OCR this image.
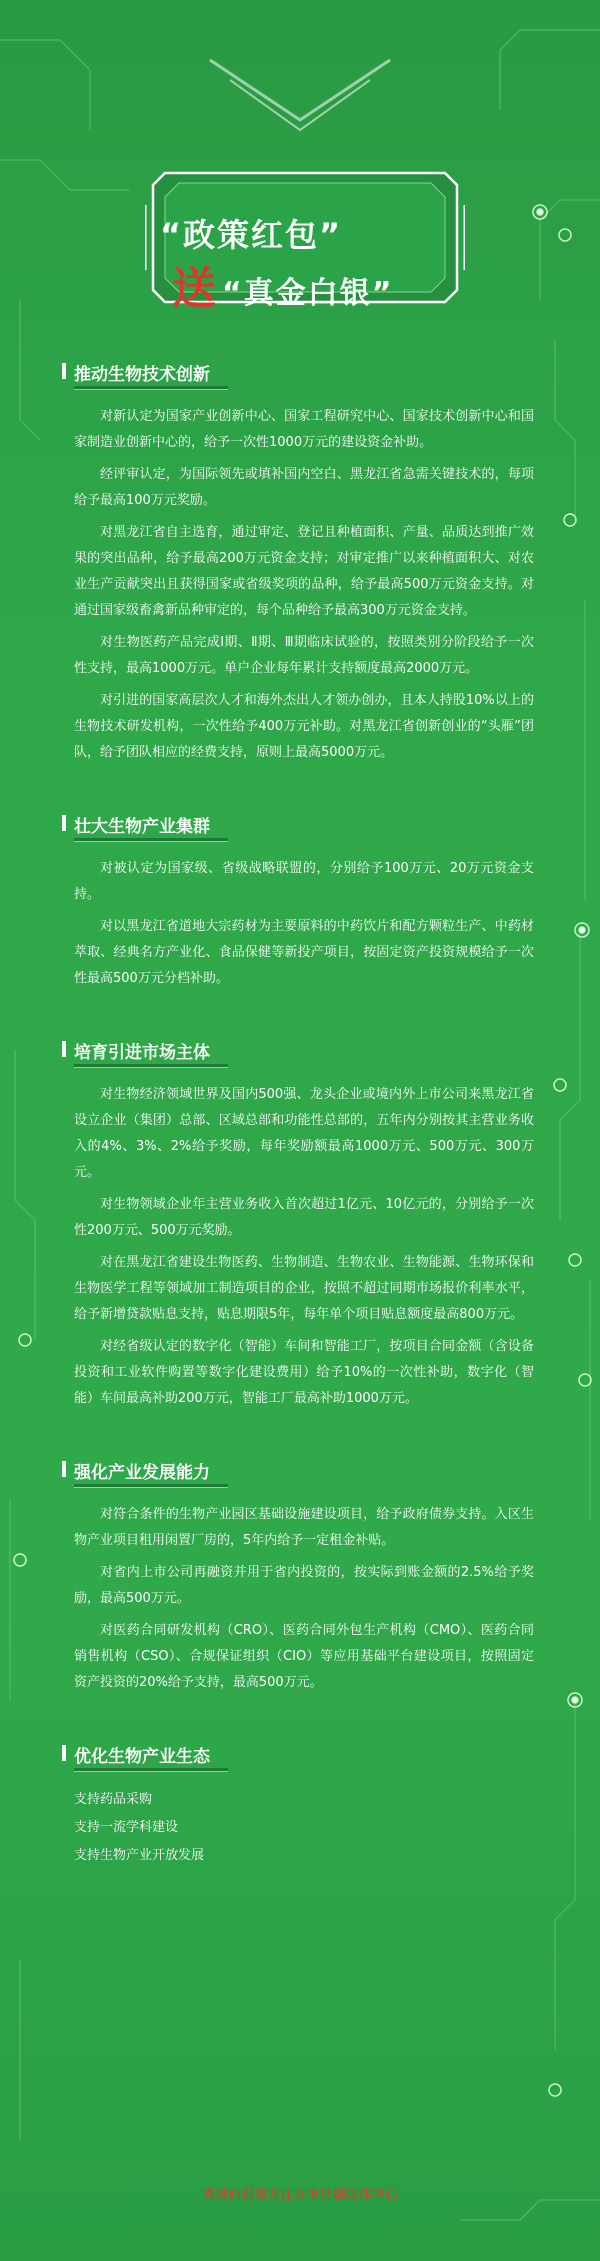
“政策红包”
送 “真金白银”
推动生物技术创新

对新认定为国家产业创新中心、国家工程研究中心、国家技术创新中心和国家制造业创新中心的，给予一次性1000万元的建设资金补助。

经评审认定，为国际领先或填补国内空白、黑龙江省急需关键技术的，每项给予最高100万元奖励。

对黑龙江省自主选育，通过审定、登记且种植面积、产量、品质达到推广效果的突出品种，给予最高200万元资金支持；对审定推广以来种植面积大、对农业生产贡献突出且获得国家或省级奖项的品种，给予最高500万元资金支持。对通过国家级畜禽新品种审定的，每个品种给予最高300万元资金支持。

对生物医药产品完成Ⅰ期、Ⅱ期、Ⅲ期临床试验的，按照类别分阶段给予一次性支持，最高1000万元。单户企业每年累计支持额度最高2000万元。

对引进的国家高层次人才和海外杰出人才领办创办，且本人持股10%以上的生物技术研发机构，一次性给予400万元补助。对黑龙江省创新创业的“头雁”团队，给予团队相应的经费支持，原则上最高5000万元。

壮大生物产业集群

对被认定为国家级、省级战略联盟的，分别给予100万元、20万元资金支持。

对以黑龙江省道地大宗药材为主要原料的中药饮片和配方颗粒生产、中药材萃取、经典名方产业化、食品保健等新投产项目，按固定资产投资规模给予一次性最高500万元分档补助。

培育引进市场主体

对生物经济领域世界及国内500强、龙头企业或境内外上市公司来黑龙江省设立企业（集团）总部、区域总部和功能性总部的，五年内分别按其主营业务收入的4%、3%、2%给予奖励，每年奖励额最高1000万元、500万元、300万元。

对生物领域企业年主营业务收入首次超过1亿元、10亿元的，分别给予一次性200万元、500万元奖励。

对在黑龙江省建设生物医药、生物制造、生物农业、生物能源、生物环保和生物医学工程等领域加工制造项目的企业，按照不超过同期市场报价利率水平，给予新增贷款贴息支持，贴息期限5年，每年单个项目贴息额度最高800万元。

对经省级认定的数字化（智能）车间和智能工厂，按项目合同金额（含设备投资和工业软件购置等数字化建设费用）给予10%的一次性补助，数字化（智能）车间最高补助200万元，智能工厂最高补助1000万元。

强化产业发展能力

对符合条件的生物产业园区基础设施建设项目，给予政府债券支持。入区生物产业项目租用闲置厂房的，5年内给予一定租金补贴。

对省内上市公司再融资并用于省内投资的，按实际到账金额的2.5%给予奖励，最高500万元。

对医药合同研发机构（CRO）、医药合同外包生产机构（CMO）、医药合同销售机构（CSO）、合规保证组织（CIO）等应用基础平台建设项目，按照固定资产投资的20%给予支持，最高500万元。

优化生物产业生态

支持药品采购

支持一流学科建设

支持生物产业开放发展

香港商报黑龙江办事处融媒体中心
